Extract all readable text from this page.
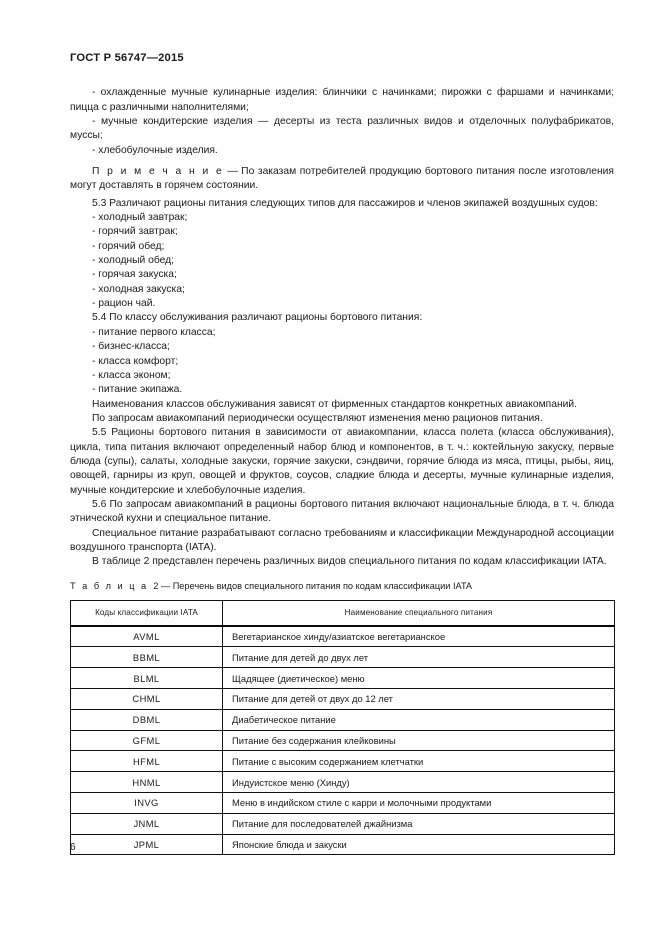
ГОСТ Р 56747—2015

- охлажденные мучные кулинарные изделия: блинчики с начинками; пирожки с фаршами и начинками; пицца с различными наполнителями;

- мучные кондитерские изделия — десерты из теста различных видов и отделочных полуфабрикатов, муссы;

- хлебобулочные изделия.

П р и м е ч а н и е — По заказам потребителей продукцию бортового питания после изготовления могут доставлять в горячем состоянии.

5.3 Различают рационы питания следующих типов для пассажиров и членов экипажей воздушных судов:

- холодный завтрак;

- горячий завтрак;

- горячий обед;

- холодный обед;

- горячая закуска;

- холодная закуска;

- рацион чай.

5.4 По классу обслуживания различают рационы бортового питания:

- питание первого класса;

- бизнес-класса;

- класса комфорт;

- класса эконом;

- питание экипажа.

Наименования классов обслуживания зависят от фирменных стандартов конкретных авиакомпаний.

По запросам авиакомпаний периодически осуществляют изменения меню рационов питания.

5.5 Рационы бортового питания в зависимости от авиакомпании, класса полета (класса обслуживания), цикла, типа питания включают определенный набор блюд и компонентов, в т. ч.: коктейльную закуску, первые блюда (супы), салаты, холодные закуски, горячие закуски, сэндвичи, горячие блюда из мяса, птицы, рыбы, яиц, овощей, гарниры из круп, овощей и фруктов, соусов, сладкие блюда и десерты, мучные кулинарные изделия, мучные кондитерские и хлебобулочные изделия.

5.6 По запросам авиакомпаний в рационы бортового питания включают национальные блюда, в т. ч. блюда этнической кухни и специальное питание.

Специальное питание разрабатывают согласно требованиям и классификации Международной ассоциации воздушного транспорта (IATA).

В таблице 2 представлен перечень различных видов специального питания по кодам классификации IATA.

Т а б л и ц а 2 — Перечень видов специального питания по кодам классификации IATA

Коды классификации IATA	Наименование специального питания
AVML	Вегетарианское хинду/азиатское вегетарианское
BBML	Питание для детей до двух лет
BLML	Щадящее (диетическое) меню
CHML	Питание для детей от двух до 12 лет
DBML	Диабетическое питание
GFML	Питание без содержания клейковины
HFML	Питание с высоким содержанием клетчатки
HNML	Индуистское меню (Хинду)
INVG	Меню в индийском стиле с карри и молочными продуктами
JNML	Питание для последователей джайнизма
JPML	Японские блюда и закуски
6
